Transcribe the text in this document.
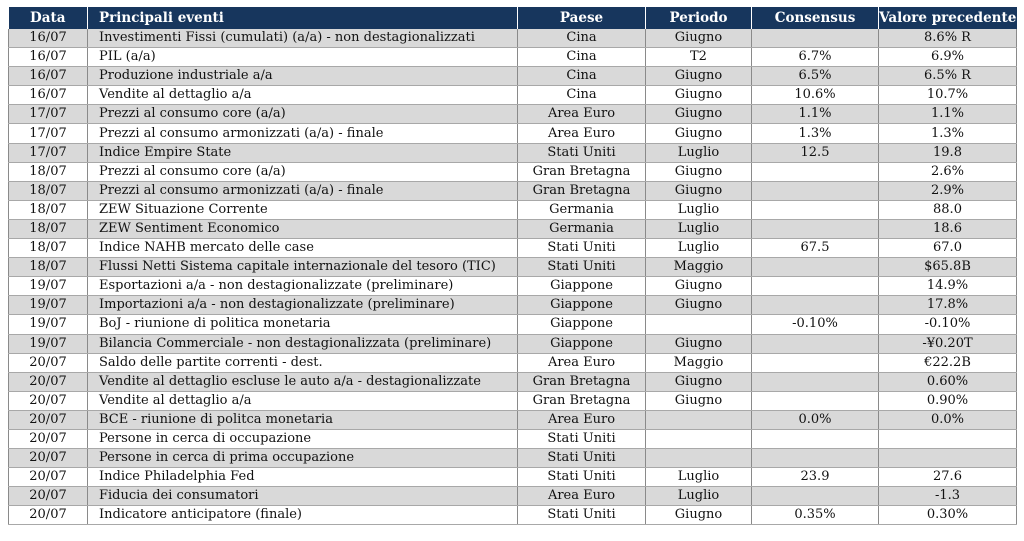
Data	Principali eventi	Paese	Periodo	Consensus	Valore precedente
16/07	Investimenti Fissi (cumulati) (a/a) - non destagionalizzati	Cina	Giugno		8.6% R
16/07	PIL (a/a)	Cina	T2	6.7%	6.9%
16/07	Produzione industriale a/a	Cina	Giugno	6.5%	6.5% R
16/07	Vendite al dettaglio a/a	Cina	Giugno	10.6%	10.7%
17/07	Prezzi al consumo core (a/a)	Area Euro	Giugno	1.1%	1.1%
17/07	Prezzi al consumo armonizzati (a/a) - finale	Area Euro	Giugno	1.3%	1.3%
17/07	Indice Empire State	Stati Uniti	Luglio	12.5	19.8
18/07	Prezzi al consumo core (a/a)	Gran Bretagna	Giugno		2.6%
18/07	Prezzi al consumo armonizzati (a/a) - finale	Gran Bretagna	Giugno		2.9%
18/07	ZEW Situazione Corrente	Germania	Luglio		88.0
18/07	ZEW Sentiment Economico	Germania	Luglio		18.6
18/07	Indice NAHB mercato delle case	Stati Uniti	Luglio	67.5	67.0
18/07	Flussi Netti Sistema capitale internazionale del tesoro (TIC)	Stati Uniti	Maggio		$65.8B
19/07	Esportazioni a/a - non destagionalizzate (preliminare)	Giappone	Giugno		14.9%
19/07	Importazioni a/a - non destagionalizzate (preliminare)	Giappone	Giugno		17.8%
19/07	BoJ - riunione di politica monetaria	Giappone		-0.10%	-0.10%
19/07	Bilancia Commerciale - non destagionalizzata (preliminare)	Giappone	Giugno		-¥0.20T
20/07	Saldo delle partite correnti - dest.	Area Euro	Maggio		€22.2B
20/07	Vendite al dettaglio escluse le auto a/a - destagionalizzate	Gran Bretagna	Giugno		0.60%
20/07	Vendite al dettaglio a/a	Gran Bretagna	Giugno		0.90%
20/07	BCE - riunione di politca monetaria	Area Euro		0.0%	0.0%
20/07	Persone in cerca di occupazione	Stati Uniti			
20/07	Persone in cerca di prima occupazione	Stati Uniti			
20/07	Indice Philadelphia Fed	Stati Uniti	Luglio	23.9	27.6
20/07	Fiducia dei consumatori	Area Euro	Luglio		-1.3
20/07	Indicatore anticipatore (finale)	Stati Uniti	Giugno	0.35%	0.30%
